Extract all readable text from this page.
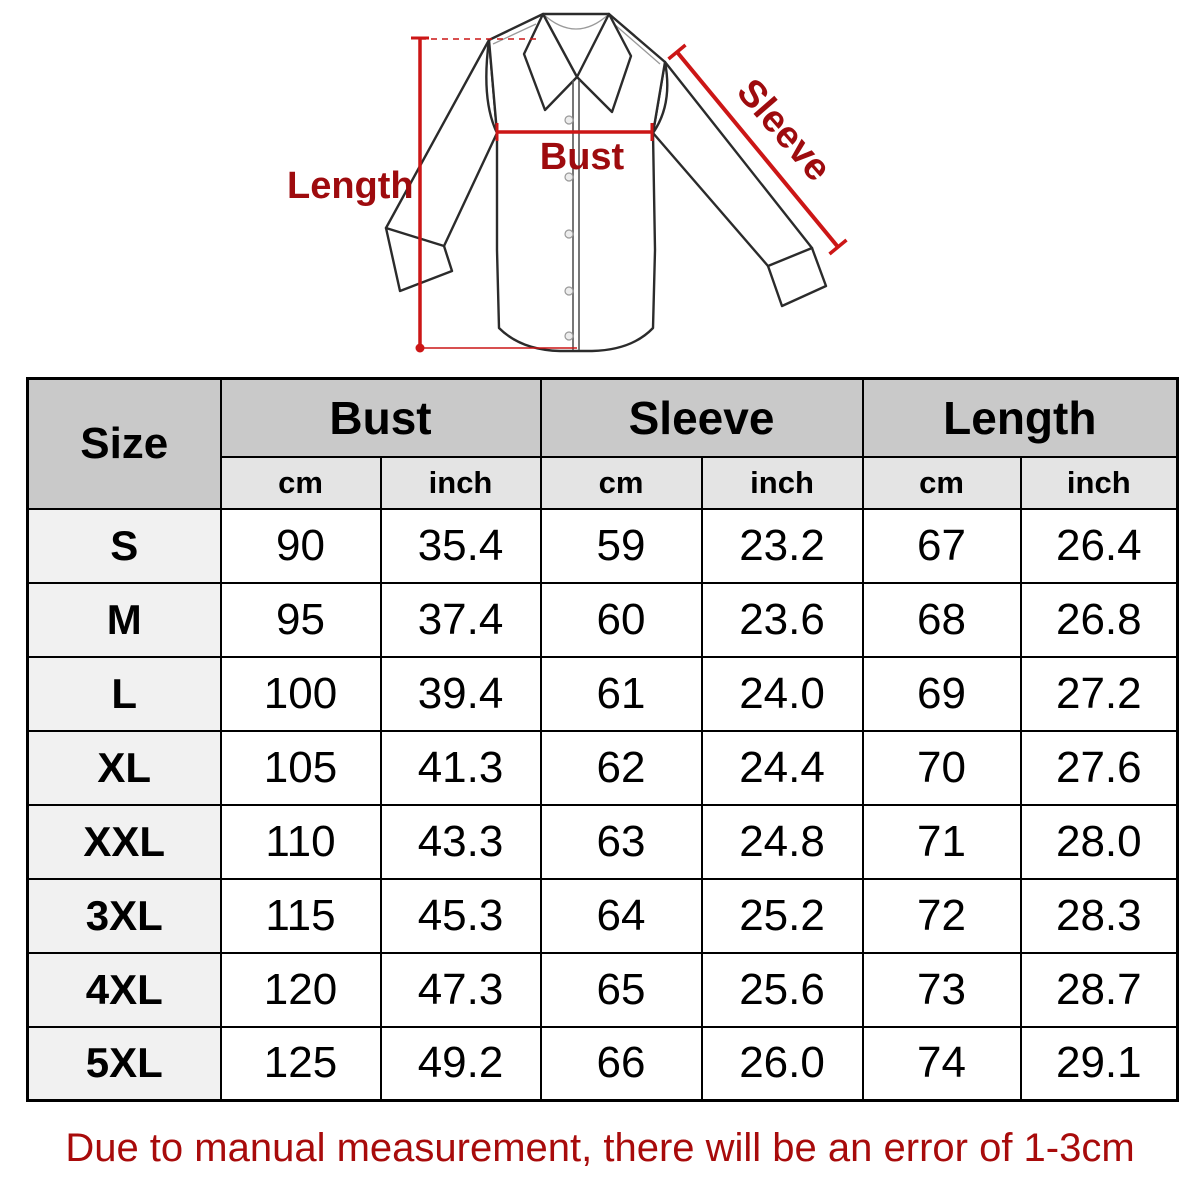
Length
Bust	Sleeve
Size	Bust		Sleeve		Length	
	cm	inch	cm	inch	cm	inch
S	90	35.4	59	23.2	67	26.4
M	95	37.4	60	23.6	68	26.8
L	100	39.4	61	24.0	69	27.2
XL	105	41.3	62	24.4	70	27.6
XXL	110	43.3	63	24.8	71	28.0
3XL	115	45.3	64	25.2	72	28.3
4XL	120	47.3	65	25.6	73	28.7
5XL	125	49.2	66	26.0	74	29.1
Due to manual measurement, there will be an error of 1-3cm
